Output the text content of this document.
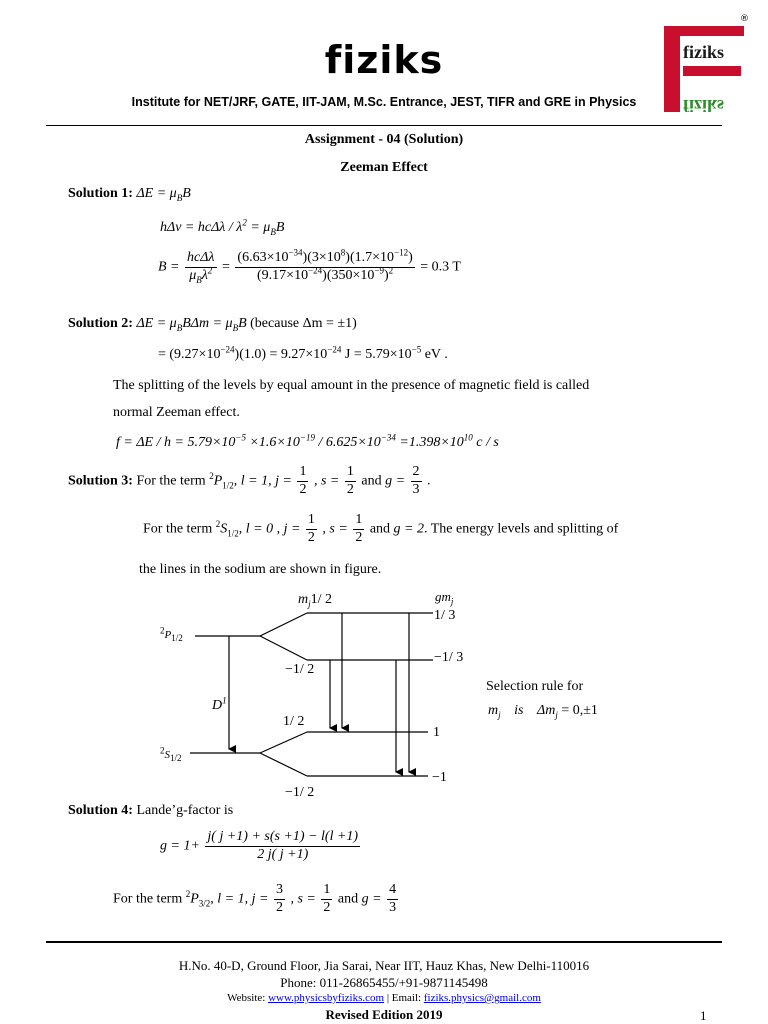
fiziks
Institute for NET/JRF, GATE, IIT-JAM, M.Sc. Entrance, JEST, TIFR and GRE in Physics
fiziks
fiziks
®
Assignment - 04 (Solution)
Zeeman Effect
Solution 1: $\Delta E = \mu_BB$
$h\Delta\nu = hc\Delta\lambda / \lambda^2 = \mu_BB$
$B = \frac{\text{hcΔλ}}{\mu_B\lambda^2} = \frac{(6.63\times 10^{-34})(3\times 10^8)(1.7\times 10^{-12})}{(9.17\times 10^{-24})(350\times 10^{-9})^2} = 0.3$ T
Solution 2: $\Delta E = \mu_BB\Delta m = \mu_BB$ (because Δm = ±1)
= $(9.27\times 10^{-24})(1.0) = 9.27\times 10^{-24}$ $J = 5.79\times 10^{-5}$ eV .
The splitting of the levels by equal amount in the presence of magnetic field is called
normal Zeeman effect.
$f = \Delta E / h = 5.79\times 10^{-5} \times 1.6\times 10^{-19} / 6.625\times 10^{-34} =1.398\times 10^{10}$ c / s
Solution 3: For the term $^2P_{1/2}$, l = 1, $j = \frac{1}{2}$ , $s = \frac{1}{2}$ and $g = \frac{2}{3}$ .
For the term $^2S_{1/2}$, l = 0 , $j = \frac{1}{2}$ , $s = \frac{1}{2}$ and g = 2. The energy levels and splitting of
the lines in the sodium are shown in figure.
$m_j1/$ 2	$gm_j$
1/ 3
$^2P_{1/2}$
−1/ 3
−1/ 2
Selection rule for
$D^1$
$m_j$ is $\Delta m_j = 0,\pm 1$
1/ 2
1
$^2S_{1/2}$
−1
−1/ 2
Solution 4: Lande’g-factor is
$g = 1+ \frac{j( j +1) + s(s +1) - l(l +1)}{2 j( j +1)}$
For the term $^2P_{3/2}$, l = 1, $j = \frac{3}{2}$ , $s = \frac{1}{2}$ and $g = \frac{4}{3}$
H.No. 40-D, Ground Floor, Jia Sarai, Near IIT, Hauz Khas, New Delhi-110016
Phone: 011-26865455/+91-9871145498
Website: www.physicsbyfiziks.com | Email: fiziks.physics@gmail.com
Revised Edition 2019	1
